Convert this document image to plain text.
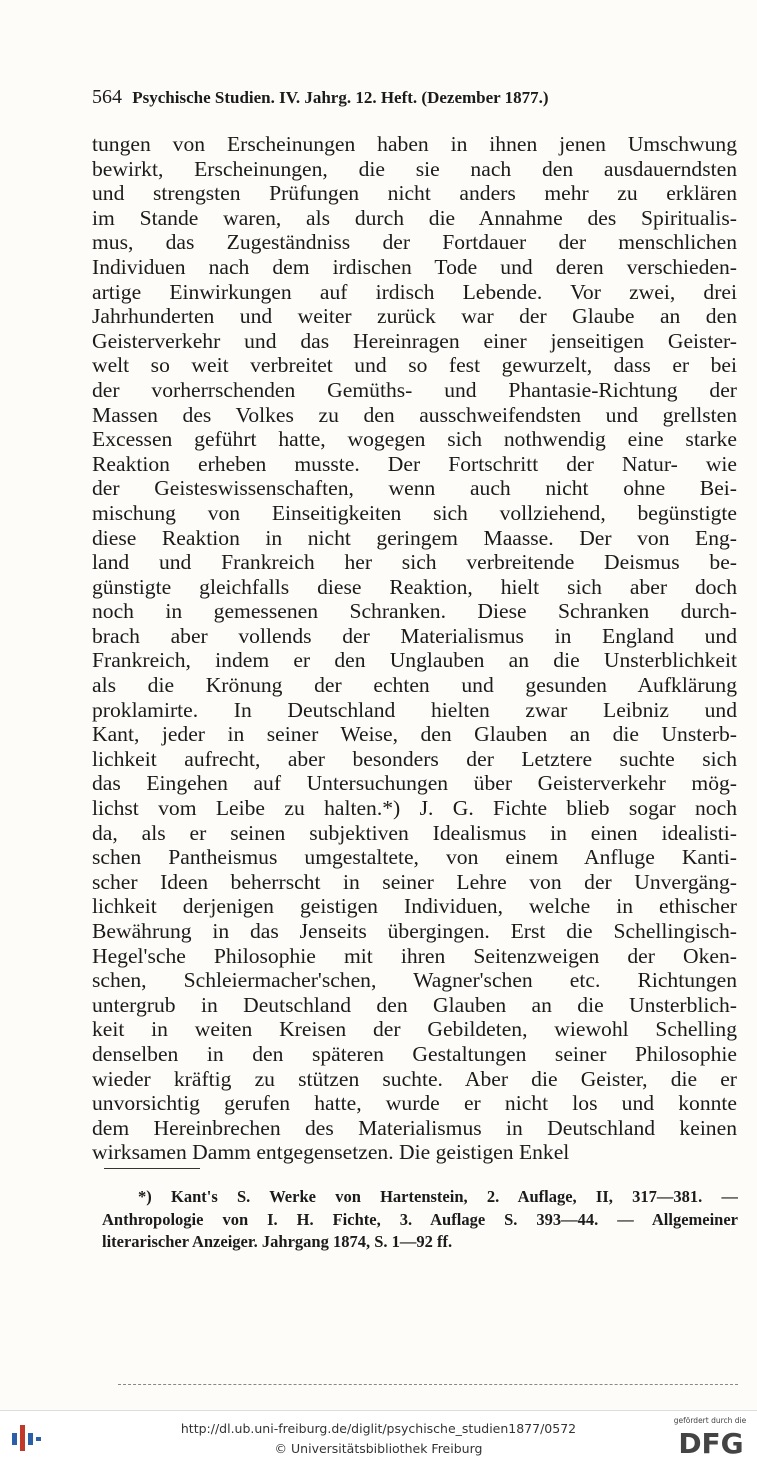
564 Psychische Studien. IV. Jahrg. 12. Heft. (Dezember 1877.)
tungen von Erscheinungen haben in ihnen jenen Umschwung
bewirkt, Erscheinungen, die sie nach den ausdauerndsten
und strengsten Prüfungen nicht anders mehr zu erklären
im Stande waren, als durch die Annahme des Spiritualis-
mus, das Zugeständniss der Fortdauer der menschlichen
Individuen nach dem irdischen Tode und deren verschieden-
artige Einwirkungen auf irdisch Lebende. Vor zwei, drei
Jahrhunderten und weiter zurück war der Glaube an den
Geisterverkehr und das Hereinragen einer jenseitigen Geister-
welt so weit verbreitet und so fest gewurzelt, dass er bei
der vorherrschenden Gemüths- und Phantasie-Richtung der
Massen des Volkes zu den ausschweifendsten und grellsten
Excessen geführt hatte, wogegen sich nothwendig eine starke
Reaktion erheben musste. Der Fortschritt der Natur- wie
der Geisteswissenschaften, wenn auch nicht ohne Bei-
mischung von Einseitigkeiten sich vollziehend, begünstigte
diese Reaktion in nicht geringem Maasse. Der von Eng-
land und Frankreich her sich verbreitende Deismus be-
günstigte gleichfalls diese Reaktion, hielt sich aber doch
noch in gemessenen Schranken. Diese Schranken durch-
brach aber vollends der Materialismus in England und
Frankreich, indem er den Unglauben an die Unsterblichkeit
als die Krönung der echten und gesunden Aufklärung
proklamirte. In Deutschland hielten zwar Leibniz und
Kant, jeder in seiner Weise, den Glauben an die Unsterb-
lichkeit aufrecht, aber besonders der Letztere suchte sich
das Eingehen auf Untersuchungen über Geisterverkehr mög-
lichst vom Leibe zu halten.*) J. G. Fichte blieb sogar noch
da, als er seinen subjektiven Idealismus in einen idealisti-
schen Pantheismus umgestaltete, von einem Anfluge Kanti-
scher Ideen beherrscht in seiner Lehre von der Unvergäng-
lichkeit derjenigen geistigen Individuen, welche in ethischer
Bewährung in das Jenseits übergingen. Erst die Schellingisch-
Hegel'sche Philosophie mit ihren Seitenzweigen der Oken-
schen, Schleiermacher'schen, Wagner'schen etc. Richtungen
untergrub in Deutschland den Glauben an die Unsterblich-
keit in weiten Kreisen der Gebildeten, wiewohl Schelling
denselben in den späteren Gestaltungen seiner Philosophie
wieder kräftig zu stützen suchte. Aber die Geister, die er
unvorsichtig gerufen hatte, wurde er nicht los und konnte
dem Hereinbrechen des Materialismus in Deutschland keinen
wirksamen Damm entgegensetzen. Die geistigen Enkel
*) Kant's S. Werke von Hartenstein, 2. Auflage, II, 317—381. —
Anthropologie von I. H. Fichte, 3. Auflage S. 393—44. — Allgemeiner
literarischer Anzeiger. Jahrgang 1874, S. 1—92 ff.
http://dl.ub.uni-freiburg.de/diglit/psychische_studien1877/0572
© Universitätsbibliothek Freiburg
gefördert durch die
DFG
